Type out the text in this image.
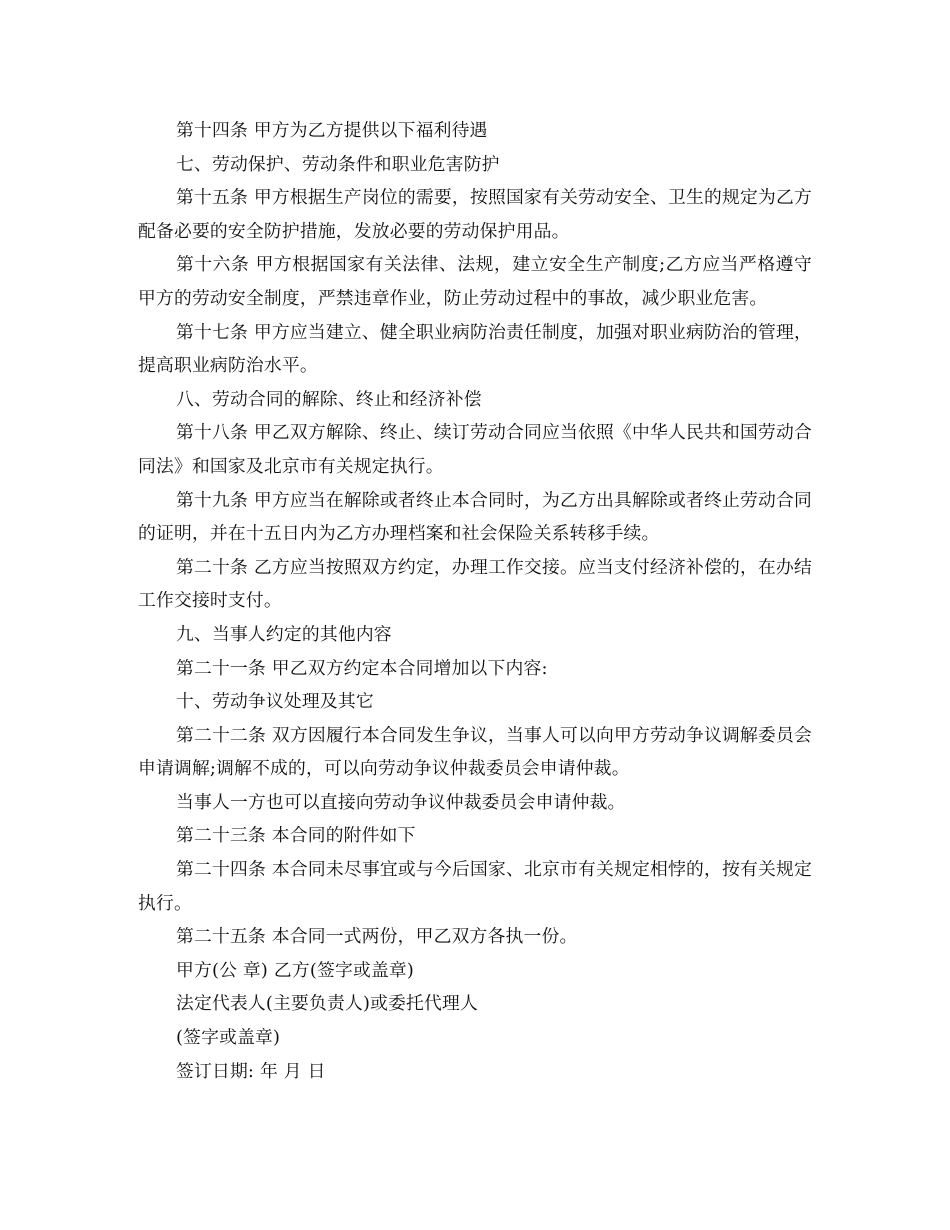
第十四条 甲方为乙方提供以下福利待遇

七、劳动保护、劳动条件和职业危害防护

第十五条 甲方根据生产岗位的需要，按照国家有关劳动安全、卫生的规定为乙方配备必要的安全防护措施，发放必要的劳动保护用品。

第十六条 甲方根据国家有关法律、法规，建立安全生产制度;乙方应当严格遵守甲方的劳动安全制度，严禁违章作业，防止劳动过程中的事故，减少职业危害。

第十七条 甲方应当建立、健全职业病防治责任制度，加强对职业病防治的管理，提高职业病防治水平。

八、劳动合同的解除、终止和经济补偿

第十八条 甲乙双方解除、终止、续订劳动合同应当依照《中华人民共和国劳动合同法》和国家及北京市有关规定执行。

第十九条 甲方应当在解除或者终止本合同时，为乙方出具解除或者终止劳动合同的证明，并在十五日内为乙方办理档案和社会保险关系转移手续。

第二十条 乙方应当按照双方约定，办理工作交接。应当支付经济补偿的，在办结工作交接时支付。

九、当事人约定的其他内容

第二十一条 甲乙双方约定本合同增加以下内容:

十、劳动争议处理及其它

第二十二条 双方因履行本合同发生争议，当事人可以向甲方劳动争议调解委员会申请调解;调解不成的，可以向劳动争议仲裁委员会申请仲裁。

当事人一方也可以直接向劳动争议仲裁委员会申请仲裁。

第二十三条 本合同的附件如下

第二十四条 本合同未尽事宜或与今后国家、北京市有关规定相悖的，按有关规定执行。

第二十五条 本合同一式两份，甲乙双方各执一份。

甲方(公 章) 乙方(签字或盖章)

法定代表人(主要负责人)或委托代理人

(签字或盖章)

签订日期: 年 月 日
